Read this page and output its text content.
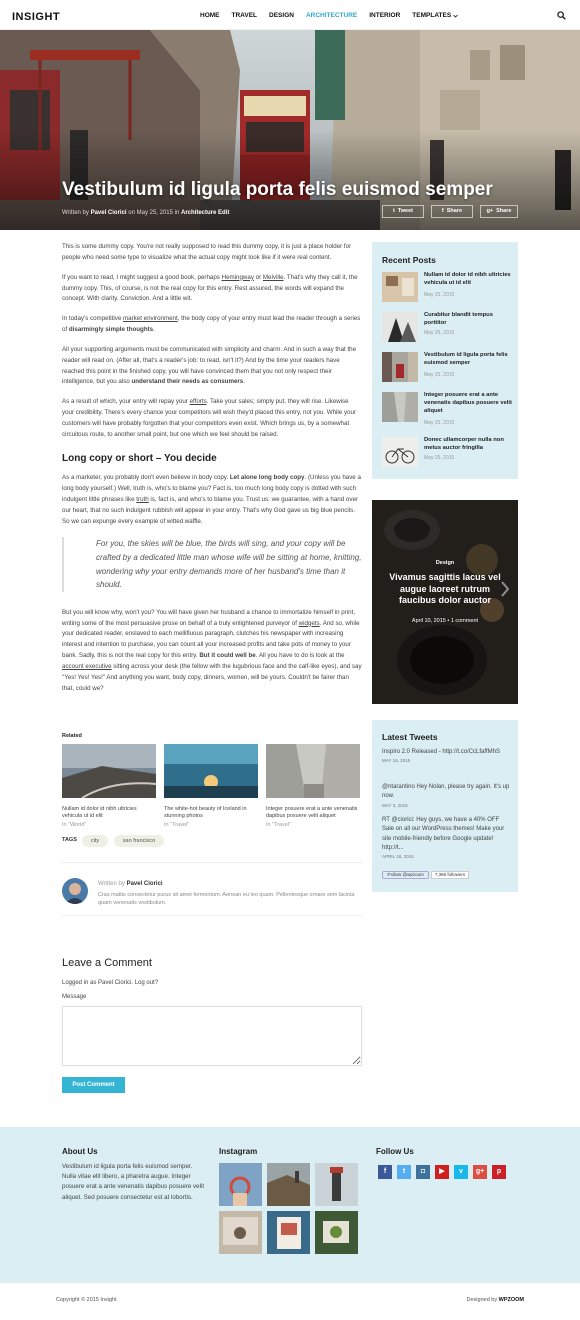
INSIGHT	HOME TRAVEL DESIGN ARCHITECTURE INTERIOR TEMPLATES
Vestibulum id ligula porta felis euismod semper
Written by Pavel Ciorici on May 25, 2015 in Architecture Edit	t Tweet	f Share	g+ Share

This is some dummy copy. You're not really supposed to read this dummy copy, it is just a place holder for people who need some type to visualize what the actual copy might look like if it were real content.

If you want to read, I might suggest a good book, perhaps Hemingway or Melville. That's why they call it, the dummy copy. This, of course, is not the real copy for this entry. Rest assured, the words will expand the concept. With clarity. Conviction. And a little wit.

In today's competitive market environment, the body copy of your entry must lead the reader through a series of disarmingly simple thoughts.

All your supporting arguments must be communicated with simplicity and charm. And in such a way that the reader will read on. (After all, that's a reader's job: to read, isn't it?) And by the time your readers have reached this point in the finished copy, you will have convinced them that you not only respect their intelligence, but you also understand their needs as consumers.

As a result of which, your entry will repay your efforts. Take your sales; simply put, they will rise. Likewise your credibility. There's every chance your competitors will wish they'd placed this entry, not you. While your customers will have probably forgotten that your competitors even exist. Which brings us, by a somewhat circuitous route, to another small point, but one which we feel should be raised.

Long copy or short – You decide

As a marketer, you probably don't even believe in body copy. Let alone long body copy. (Unless you have a long body yourself.) Well, truth is, who's to blame you? Fact is, too much long body copy is dotted with such indulgent little phrases like truth is, fact is, and who's to blame you. Trust us: we guarantee, with a hand over our heart, that no such indulgent rubbish will appear in your entry. That's why God gave us big blue pencils. So we can expunge every example of witted waffle.

For you, the skies will be blue, the birds will sing, and your copy will be crafted by a dedicated little man whose wife will be sitting at home, knitting, wondering why your entry demands more of her husband's time than it should.

But you will know why, won't you? You will have given her husband a chance to immortalize himself in print, writing some of the most persuasive prose on behalf of a truly enlightened purveyor of widgets. And so, while your dedicated reader, enslaved to each mellifluous paragraph, clutches his newspaper with increasing interest and intention to purchase, you can count all your increased profits and take pots of money to your bank. Sadly, this is not the real copy for this entry. But it could well be. All you have to do is look at the account executive sitting across your desk (the fellow with the lugubrious face and the calf-like eyes), and say "Yes! Yes! Yes!" And anything you want, body copy, dinners, women, will be yours. Couldn't be fairer than that, could we?

Related
Nullam id dolor id nibh ultricies vehicula ut id elit
In "World"
The white-hot beauty of Iceland in stunning photos
In "Travel"
Integer posuere erat a ante venenatis dapibus posuere velit aliquet
In "Travel"
TAGS	city	san francisco
Written by Pavel Ciorici
Cras mattis consectetur purus sit amet fermentum. Aenean eu leo quam. Pellentesque ornare sem lacinia quam venenatis vestibulum.
Leave a Comment
Logged in as Pavel Ciorici. Log out?
Message
Post Comment
Recent Posts
Nullam id dolor id nibh ultricies vehicula ut id elit
May 25, 2015
Curabitur blandit tempus porttitor
May 25, 2015
Vestibulum id ligula porta felis euismod semper
May 25, 2015
Integer posuere erat a ante venenatis dapibus posuere velit aliquet
May 25, 2015
Donec ullamcorper nulla non metus auctor fringilla
May 25, 2015
Design
Vivamus sagittis lacus vel augue laoreet rutrum faucibus dolor auctor
April 10, 2015 • 1 comment
Latest Tweets
Inspiro 2.0 Released - http://t.co/CcLfaffMhS
MAY 19, 2015
@ntarantino Hey Nolan, please try again. It's up now.
MAY 3, 2015
RT @ciorici: Hey guys, we have a 40% OFF Sale on all our WordPress themes! Make your site mobile-friendly before Google update! http://t...
APRIL 18, 2015
t Follow @wpzoom	7,366 followers
About Us
Vestibulum id ligula porta felis euismod semper. Nulla vitae elit libero, a pharetra augue. Integer posuere erat a ante venenatis dapibus posuere velit aliquet. Sed posuere consectetur est at lobortis.
Instagram	Follow Us
f t ◘ ▶ v g+ p
Copyright © 2015 Insight	Designed by WPZOOM
